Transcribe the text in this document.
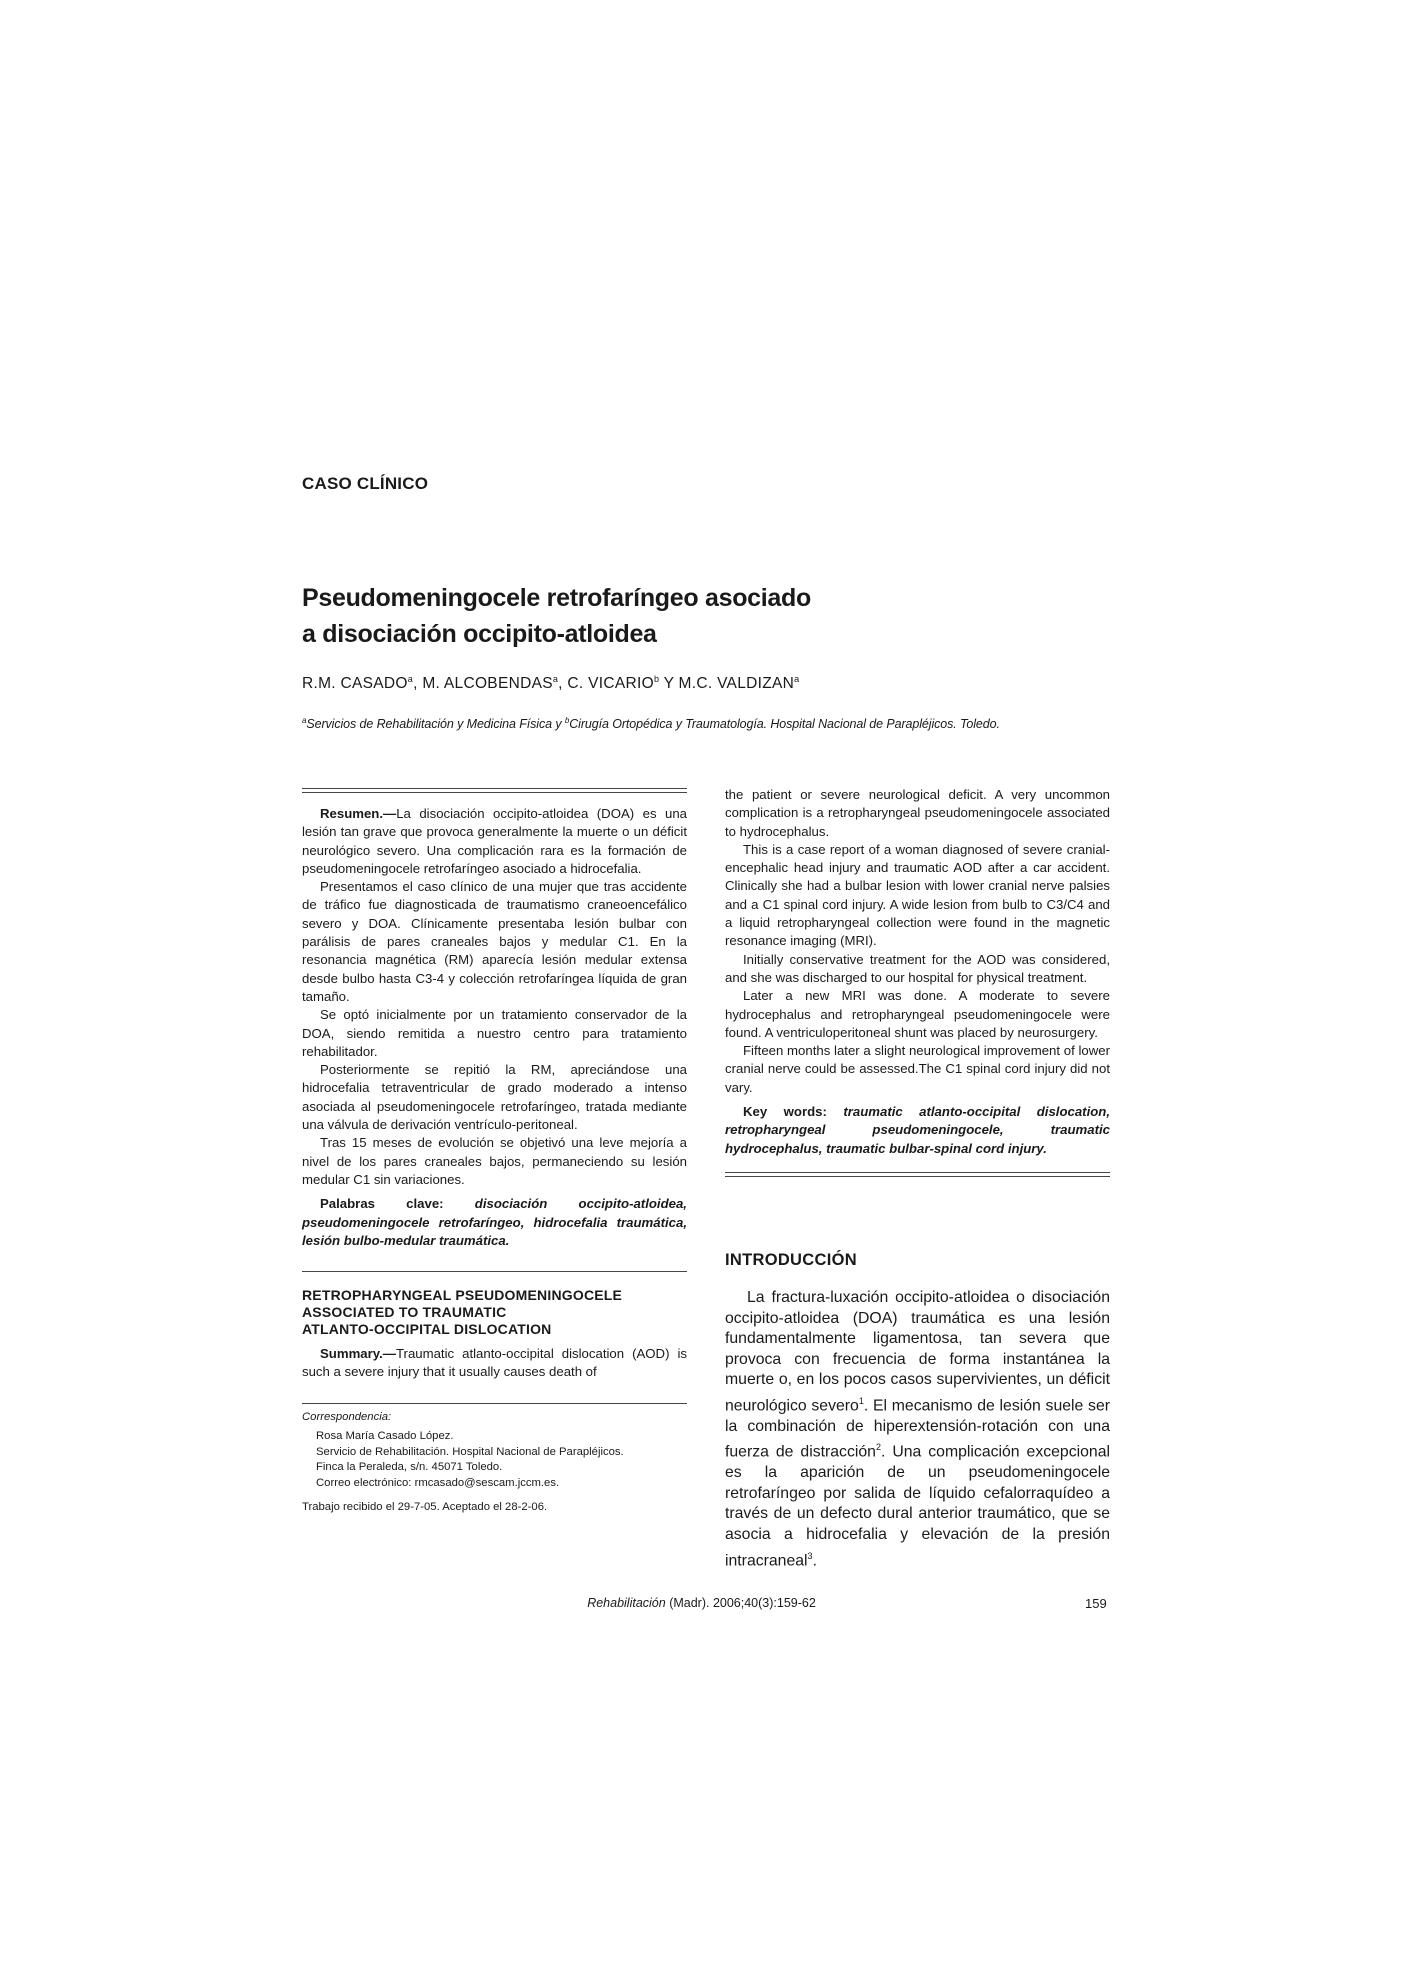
CASO CLÍNICO
Pseudomeningocele retrofaríngeo asociado
a disociación occipito-atloidea
R.M. CASADO$^a$, M. ALCOBENDAS$^a$, C. VICARIO$^b$ Y M.C. VALDIZAN$^a$
$^a$Servicios de Rehabilitación y Medicina Física y $^b$Cirugía Ortopédica y Traumatología. Hospital Nacional de Parapléjicos. Toledo.

Resumen.—La disociación occipito-atloidea (DOA) es una lesión tan grave que provoca generalmente la muerte o un déficit neurológico severo. Una complicación rara es la formación de pseudomeningocele retrofaríngeo asociado a hidrocefalia.

Presentamos el caso clínico de una mujer que tras accidente de tráfico fue diagnosticada de traumatismo craneoencefálico severo y DOA. Clínicamente presentaba lesión bulbar con parálisis de pares craneales bajos y medular C1. En la resonancia magnética (RM) aparecía lesión medular extensa desde bulbo hasta C3-4 y colección retrofaríngea líquida de gran tamaño.

Se optó inicialmente por un tratamiento conservador de la DOA, siendo remitida a nuestro centro para tratamiento rehabilitador.

Posteriormente se repitió la RM, apreciándose una hidrocefalia tetraventricular de grado moderado a intenso asociada al pseudomeningocele retrofaríngeo, tratada mediante una válvula de derivación ventrículo-peritoneal.

Tras 15 meses de evolución se objetivó una leve mejoría a nivel de los pares craneales bajos, permaneciendo su lesión medular C1 sin variaciones.

Palabras clave: disociación occipito-atloidea, pseudomeningocele retrofaríngeo, hidrocefalia traumática, lesión bulbo-medular traumática.

RETROPHARYNGEAL PSEUDOMENINGOCELE
ASSOCIATED TO TRAUMATIC
ATLANTO-OCCIPITAL DISLOCATION

Summary.—Traumatic atlanto-occipital dislocation (AOD) is such a severe injury that it usually causes death of

Correspondencia:
Rosa María Casado López.
Servicio de Rehabilitación. Hospital Nacional de Parapléjicos.
Finca la Peraleda, s/n. 45071 Toledo.
Correo electrónico: rmcasado@sescam.jccm.es.
Trabajo recibido el 29-7-05. Aceptado el 28-2-06.

the patient or severe neurological deficit. A very uncommon complication is a retropharyngeal pseudomeningocele associated to hydrocephalus.

This is a case report of a woman diagnosed of severe cranial-encephalic head injury and traumatic AOD after a car accident. Clinically she had a bulbar lesion with lower cranial nerve palsies and a C1 spinal cord injury. A wide lesion from bulb to C3/C4 and a liquid retropharyngeal collection were found in the magnetic resonance imaging (MRI).

Initially conservative treatment for the AOD was considered, and she was discharged to our hospital for physical treatment.

Later a new MRI was done. A moderate to severe hydrocephalus and retropharyngeal pseudomeningocele were found. A ventriculoperitoneal shunt was placed by neurosurgery.

Fifteen months later a slight neurological improvement of lower cranial nerve could be assessed.The C1 spinal cord injury did not vary.

Key words: traumatic atlanto-occipital dislocation, retropharyngeal pseudomeningocele, traumatic hydrocephalus, traumatic bulbar-spinal cord injury.

INTRODUCCIÓN

La fractura-luxación occipito-atloidea o disociación occipito-atloidea (DOA) traumática es una lesión fundamentalmente ligamentosa, tan severa que provoca con frecuencia de forma instantánea la muerte o, en los pocos casos supervivientes, un déficit neurológico severo$^1$. El mecanismo de lesión suele ser la combinación de hiperextensión-rotación con una fuerza de distracción$^2$. Una complicación excepcional es la aparición de un pseudomeningocele retrofaríngeo por salida de líquido cefalorraquídeo a través de un defecto dural anterior traumático, que se asocia a hidrocefalia y elevación de la presión intracraneal$^3$.

Rehabilitación (Madr). 2006;40(3):159-62	159
